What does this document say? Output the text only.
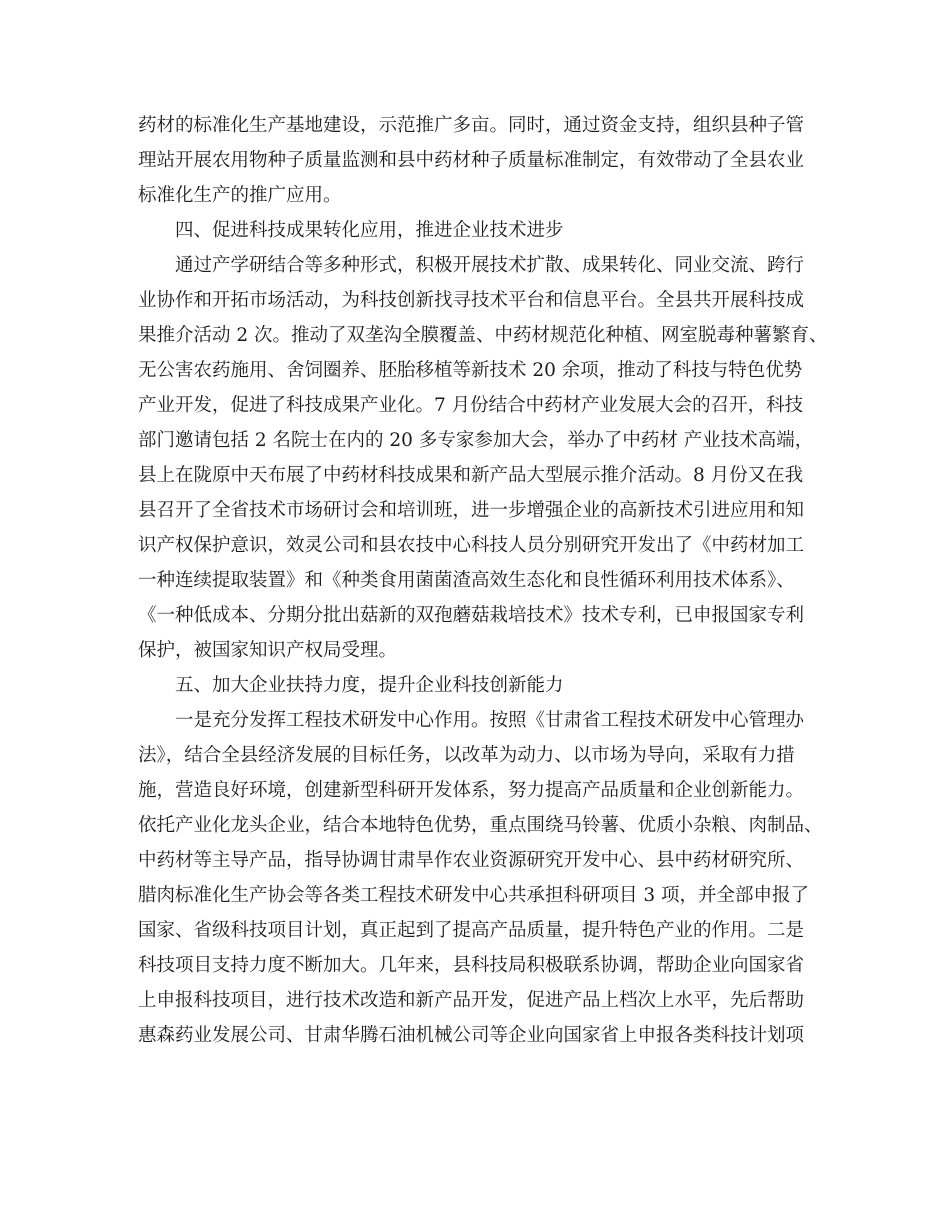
药材的标准化生产基地建设，示范推广多亩。同时，通过资金支持，组织县种子管
理站开展农用物种子质量监测和县中药材种子质量标准制定，有效带动了全县农业
标准化生产的推广应用。
四、促进科技成果转化应用，推进企业技术进步
通过产学研结合等多种形式，积极开展技术扩散、成果转化、同业交流、跨行
业协作和开拓市场活动，为科技创新找寻技术平台和信息平台。全县共开展科技成
果推介活动 2 次。推动了双垄沟全膜覆盖、中药材规范化种植、网室脱毒种薯繁育、
无公害农药施用、舍饲圈养、胚胎移植等新技术 20 余项，推动了科技与特色优势
产业开发，促进了科技成果产业化。7 月份结合中药材产业发展大会的召开，科技
部门邀请包括 2 名院士在内的 20 多专家参加大会，举办了中药材 产业技术高端，
县上在陇原中天布展了中药材科技成果和新产品大型展示推介活动。8 月份又在我
县召开了全省技术市场研讨会和培训班，进一步增强企业的高新技术引进应用和知
识产权保护意识，效灵公司和县农技中心科技人员分别研究开发出了《中药材加工
一种连续提取装置》和《种类食用菌菌渣高效生态化和良性循环利用技术体系》、
《一种低成本、分期分批出菇新的双孢蘑菇栽培技术》技术专利，已申报国家专利
保护，被国家知识产权局受理。
五、加大企业扶持力度，提升企业科技创新能力
一是充分发挥工程技术研发中心作用。按照《甘肃省工程技术研发中心管理办
法》，结合全县经济发展的目标任务，以改革为动力、以市场为导向，采取有力措
施，营造良好环境，创建新型科研开发体系，努力提高产品质量和企业创新能力。
依托产业化龙头企业，结合本地特色优势，重点围绕马铃薯、优质小杂粮、肉制品、
中药材等主导产品，指导协调甘肃旱作农业资源研究开发中心、县中药材研究所、
腊肉标准化生产协会等各类工程技术研发中心共承担科研项目 3 项，并全部申报了
国家、省级科技项目计划，真正起到了提高产品质量，提升特色产业的作用。二是
科技项目支持力度不断加大。几年来，县科技局积极联系协调，帮助企业向国家省
上申报科技项目，进行技术改造和新产品开发，促进产品上档次上水平，先后帮助
惠森药业发展公司、甘肃华腾石油机械公司等企业向国家省上申报各类科技计划项
